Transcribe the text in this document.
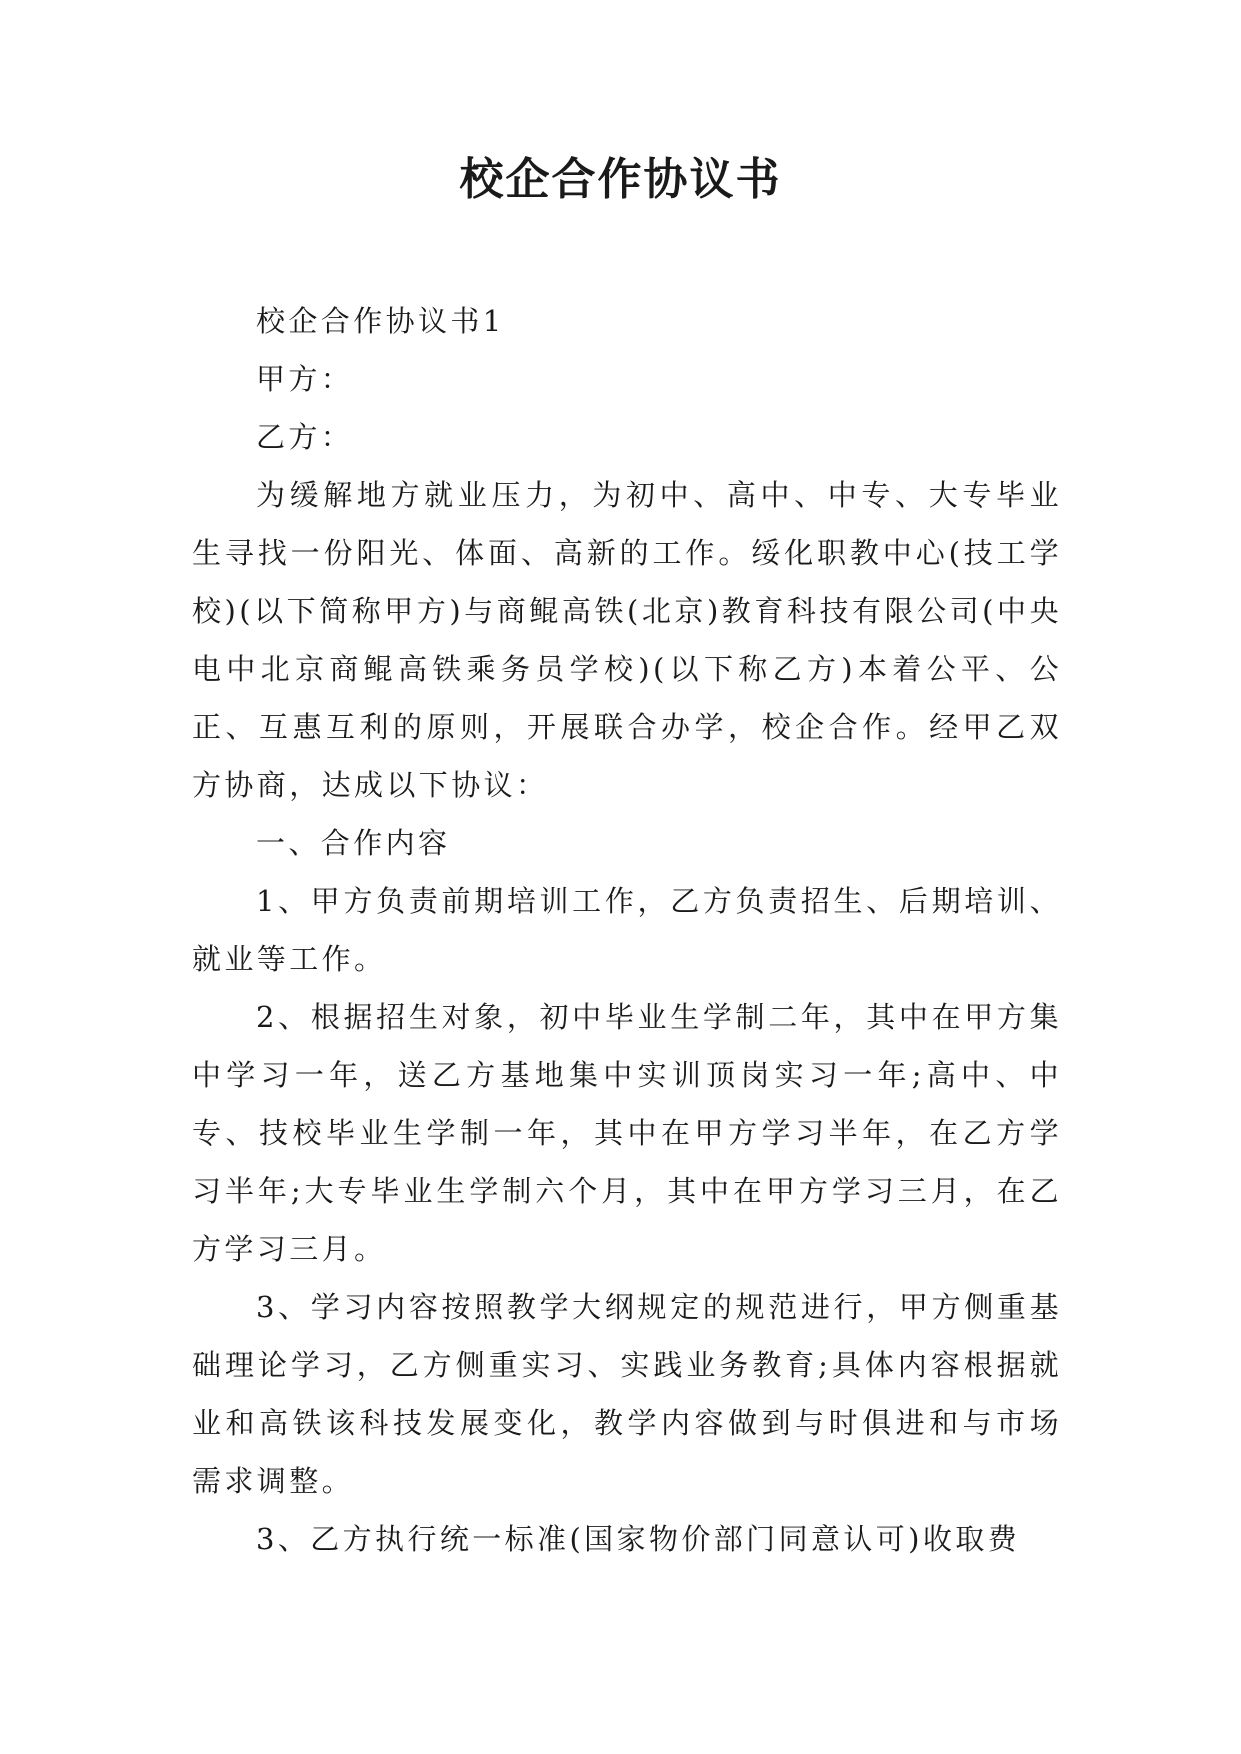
校企合作协议书

校企合作协议书1

甲方：

乙方：

为缓解地方就业压力，为初中、高中、中专、大专毕业生寻找一份阳光、体面、高新的工作。绥化职教中心(技工学校)(以下简称甲方)与商鲲高铁(北京)教育科技有限公司(中央电中北京商鲲高铁乘务员学校)(以下称乙方)本着公平、公正、互惠互利的原则，开展联合办学，校企合作。经甲乙双方协商，达成以下协议：

一、合作内容

1、甲方负责前期培训工作，乙方负责招生、后期培训、就业等工作。

2、根据招生对象，初中毕业生学制二年，其中在甲方集中学习一年，送乙方基地集中实训顶岗实习一年;高中、中专、技校毕业生学制一年，其中在甲方学习半年，在乙方学习半年;大专毕业生学制六个月，其中在甲方学习三月，在乙方学习三月。

3、学习内容按照教学大纲规定的规范进行，甲方侧重基础理论学习，乙方侧重实习、实践业务教育;具体内容根据就业和高铁该科技发展变化，教学内容做到与时俱进和与市场需求调整。

3、乙方执行统一标准(国家物价部门同意认可)收取费
